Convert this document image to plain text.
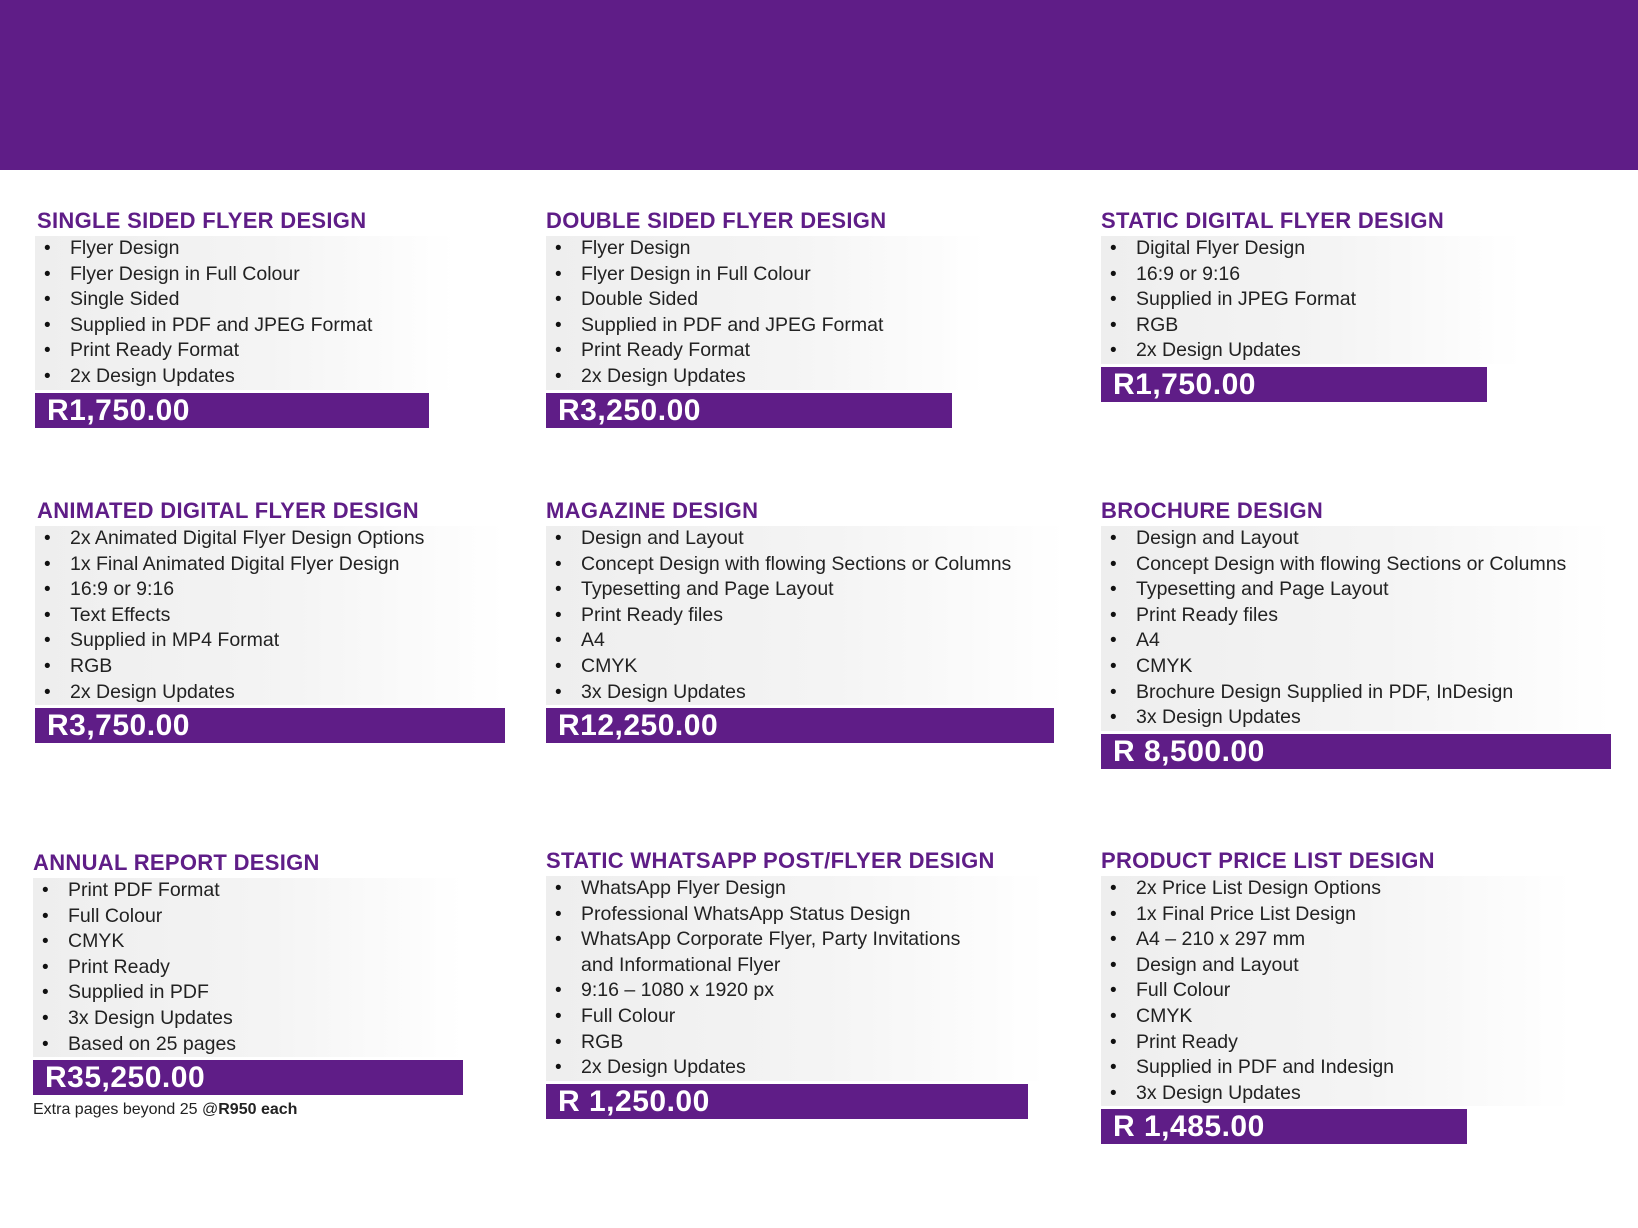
SINGLE SIDED FLYER DESIGN
• Flyer Design
• Flyer Design in Full Colour
• Single Sided
• Supplied in PDF and JPEG Format
• Print Ready Format
• 2x Design Updates
R1,750.00
DOUBLE SIDED FLYER DESIGN
• Flyer Design
• Flyer Design in Full Colour
• Double Sided
• Supplied in PDF and JPEG Format
• Print Ready Format
• 2x Design Updates
R3,250.00
STATIC DIGITAL FLYER DESIGN
• Digital Flyer Design
• 16:9 or 9:16
• Supplied in JPEG Format
• RGB
• 2x Design Updates
R1,750.00
ANIMATED DIGITAL FLYER DESIGN
• 2x Animated Digital Flyer Design Options
• 1x Final Animated Digital Flyer Design
• 16:9 or 9:16
• Text Effects
• Supplied in MP4 Format
• RGB
• 2x Design Updates
R3,750.00
MAGAZINE DESIGN
• Design and Layout
• Concept Design with flowing Sections or Columns
• Typesetting and Page Layout
• Print Ready files
• A4
• CMYK
• 3x Design Updates
R12,250.00
BROCHURE DESIGN
• Design and Layout
• Concept Design with flowing Sections or Columns
• Typesetting and Page Layout
• Print Ready files
• A4
• CMYK
• Brochure Design Supplied in PDF, InDesign
• 3x Design Updates
R 8,500.00
ANNUAL REPORT DESIGN
• Print PDF Format
• Full Colour
• CMYK
• Print Ready
• Supplied in PDF
• 3x Design Updates
• Based on 25 pages
R35,250.00
Extra pages beyond 25 @R950 each
STATIC WHATSAPP POST/FLYER DESIGN
• WhatsApp Flyer Design
• Professional WhatsApp Status Design
• WhatsApp Corporate Flyer, Party Invitations
and Informational Flyer
• 9:16 – 1080 x 1920 px
• Full Colour
• RGB
• 2x Design Updates
R 1,250.00
PRODUCT PRICE LIST DESIGN
• 2x Price List Design Options
• 1x Final Price List Design
• A4 – 210 x 297 mm
• Design and Layout
• Full Colour
• CMYK
• Print Ready
• Supplied in PDF and Indesign
• 3x Design Updates
R 1,485.00
